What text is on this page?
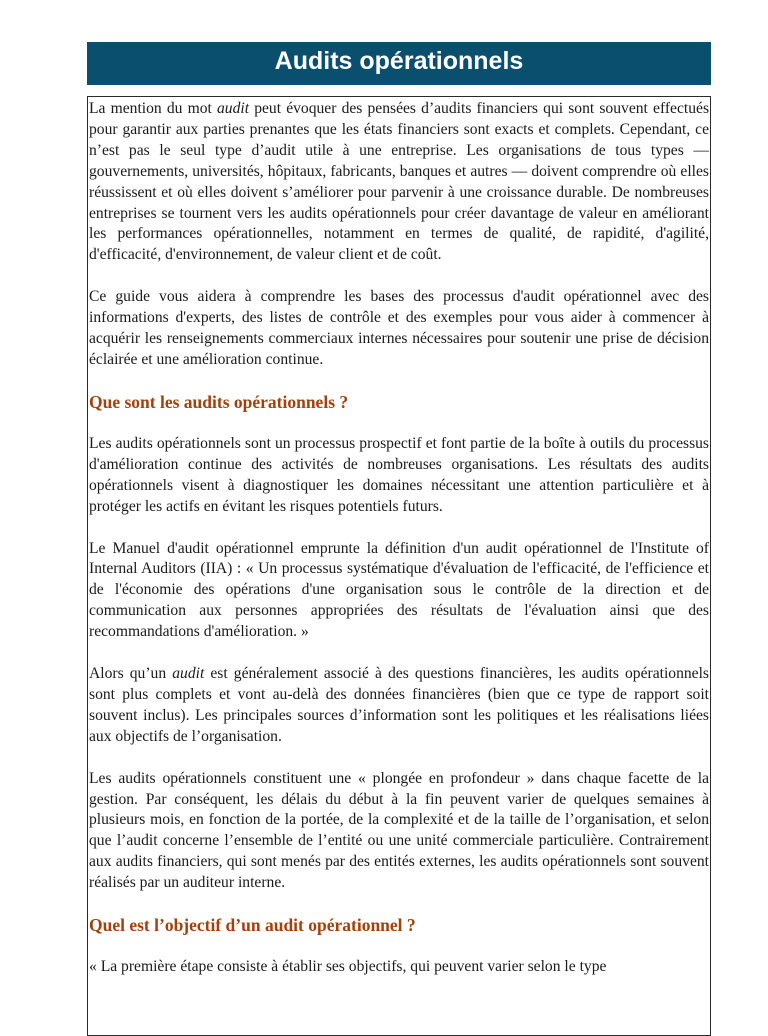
Audits opérationnels

La mention du mot audit peut évoquer des pensées d’audits financiers qui sont souvent effectués pour garantir aux parties prenantes que les états financiers sont exacts et complets. Cependant, ce n’est pas le seul type d’audit utile à une entreprise. Les organisations de tous types — gouvernements, universités, hôpitaux, fabricants, banques et autres — doivent comprendre où elles réussissent et où elles doivent s’améliorer pour parvenir à une croissance durable. De nombreuses entreprises se tournent vers les audits opérationnels pour créer davantage de valeur en améliorant les performances opérationnelles, notamment en termes de qualité, de rapidité, d'agilité, d'efficacité, d'environnement, de valeur client et de coût.

Ce guide vous aidera à comprendre les bases des processus d'audit opérationnel avec des informations d'experts, des listes de contrôle et des exemples pour vous aider à commencer à acquérir les renseignements commerciaux internes nécessaires pour soutenir une prise de décision éclairée et une amélioration continue.

Que sont les audits opérationnels ?

Les audits opérationnels sont un processus prospectif et font partie de la boîte à outils du processus d'amélioration continue des activités de nombreuses organisations. Les résultats des audits opérationnels visent à diagnostiquer les domaines nécessitant une attention particulière et à protéger les actifs en évitant les risques potentiels futurs.

Le Manuel d'audit opérationnel emprunte la définition d'un audit opérationnel de l'Institute of Internal Auditors (IIA) : « Un processus systématique d'évaluation de l'efficacité, de l'efficience et de l'économie des opérations d'une organisation sous le contrôle de la direction et de communication aux personnes appropriées des résultats de l'évaluation ainsi que des recommandations d'amélioration. »

Alors qu’un audit est généralement associé à des questions financières, les audits opérationnels sont plus complets et vont au-delà des données financières (bien que ce type de rapport soit souvent inclus). Les principales sources d’information sont les politiques et les réalisations liées aux objectifs de l’organisation.

Les audits opérationnels constituent une « plongée en profondeur » dans chaque facette de la gestion. Par conséquent, les délais du début à la fin peuvent varier de quelques semaines à plusieurs mois, en fonction de la portée, de la complexité et de la taille de l’organisation, et selon que l’audit concerne l’ensemble de l’entité ou une unité commerciale particulière. Contrairement aux audits financiers, qui sont menés par des entités externes, les audits opérationnels sont souvent réalisés par un auditeur interne.

Quel est l’objectif d’un audit opérationnel ?

« La première étape consiste à établir ses objectifs, qui peuvent varier selon le type
